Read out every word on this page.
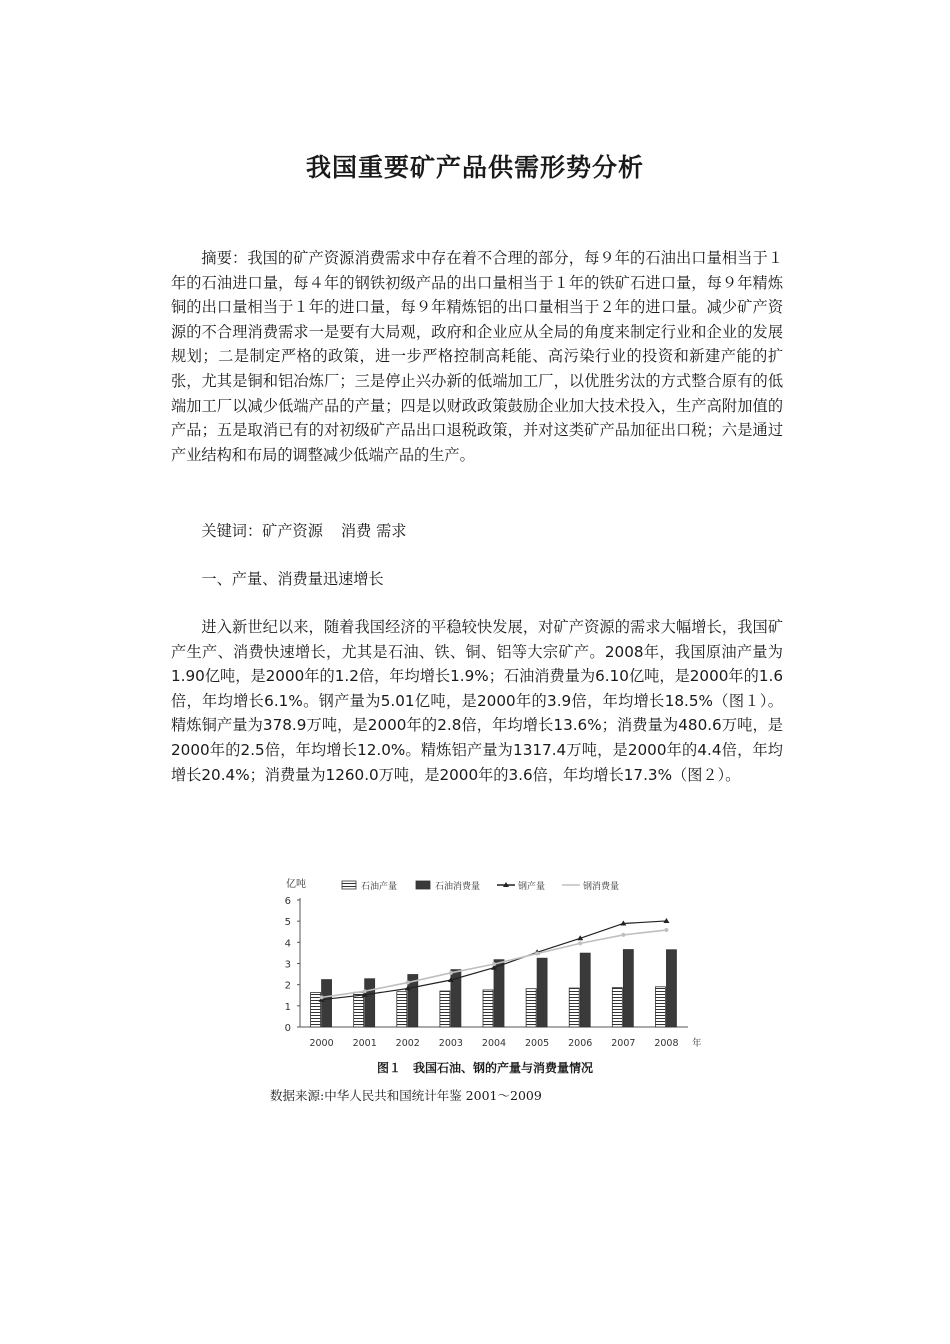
我国重要矿产品供需形势分析

摘要：我国的矿产资源消费需求中存在着不合理的部分，每９年的石油出口量相当于１年的石油进口量，每４年的钢铁初级产品的出口量相当于１年的铁矿石进口量，每９年精炼铜的出口量相当于１年的进口量，每９年精炼铝的出口量相当于２年的进口量。减少矿产资源的不合理消费需求一是要有大局观，政府和企业应从全局的角度来制定行业和企业的发展规划；二是制定严格的政策，进一步严格控制高耗能、高污染行业的投资和新建产能的扩张，尤其是铜和铝冶炼厂；三是停止兴办新的低端加工厂，以优胜劣汰的方式整合原有的低端加工厂以减少低端产品的产量；四是以财政政策鼓励企业加大技术投入，生产高附加值的产品；五是取消已有的对初级矿产品出口退税政策，并对这类矿产品加征出口税；六是通过产业结构和布局的调整减少低端产品的生产。

关键词：矿产资源 消费 需求

一、产量、消费量迅速增长

进入新世纪以来，随着我国经济的平稳较快发展，对矿产资源的需求大幅增长，我国矿产生产、消费快速增长，尤其是石油、铁、铜、铝等大宗矿产。2008年，我国原油产量为1.90亿吨，是2000年的1.2倍，年均增长1.9%；石油消费量为6.10亿吨，是2000年的1.6倍，年均增长6.1%。钢产量为5.01亿吨，是2000年的3.9倍，年均增长18.5%（图１）。精炼铜产量为378.9万吨，是2000年的2.8倍，年均增长13.6%；消费量为480.6万吨，是2000年的2.5倍，年均增长12.0%。精炼铝产量为1317.4万吨，是2000年的4.4倍，年均增长20.4%；消费量为1260.0万吨，是2000年的3.6倍，年均增长17.3%（图２）。

0
1
2
3
4
5
6
亿吨
2000 2001 2002 2003 2004 2005 2006 2007 2008 年
石油产量	石油消费量	钢产量	钢消费量

图１　我国石油、钢的产量与消费量情况

数据来源:中华人民共和国统计年鉴 2001～2009
